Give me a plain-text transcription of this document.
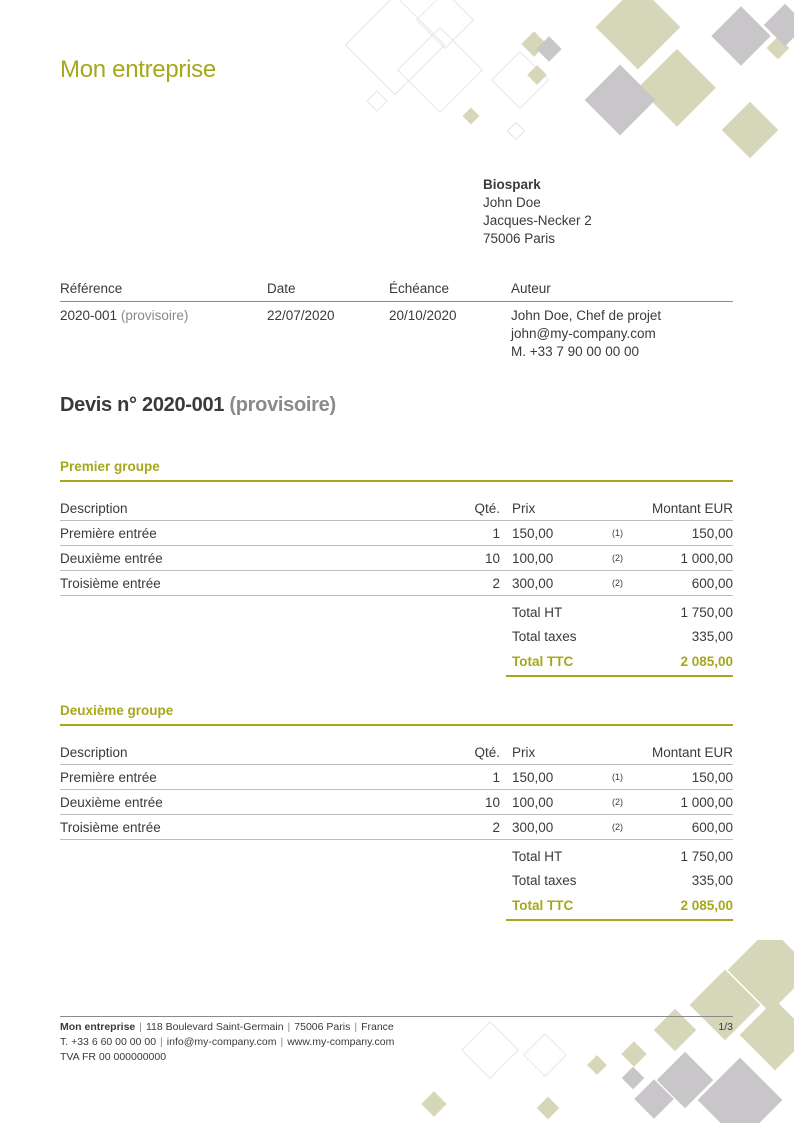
Mon entreprise
Biospark
John Doe
Jacques-Necker 2
75006 Paris
Référence	Date	Échéance	Auteur
2020-001 (provisoire)	22/07/2020	20/10/2020	John Doe, Chef de projet
john@my-company.com
M. +33 7 90 00 00 00
Devis n° 2020-001 (provisoire)
Premier groupe
Description	Qté.	Prix		Montant EUR
Première entrée	1	150,00	(1)	150,00
Deuxième entrée	10	100,00	(2)	1 000,00
Troisième entrée	2	300,00	(2)	600,00
Total HT	1 750,00
Total taxes	335,00
Total TTC	2 085,00
Deuxième groupe
Description	Qté.	Prix		Montant EUR
Première entrée	1	150,00	(1)	150,00
Deuxième entrée	10	100,00	(2)	1 000,00
Troisième entrée	2	300,00	(2)	600,00
Total HT	1 750,00
Total taxes	335,00
Total TTC	2 085,00
Mon entreprise | 118 Boulevard Saint-Germain | 75006 Paris | France
T. +33 6 60 00 00 00 | info@my-company.com | www.my-company.com
TVA FR 00 000000000
1/3
